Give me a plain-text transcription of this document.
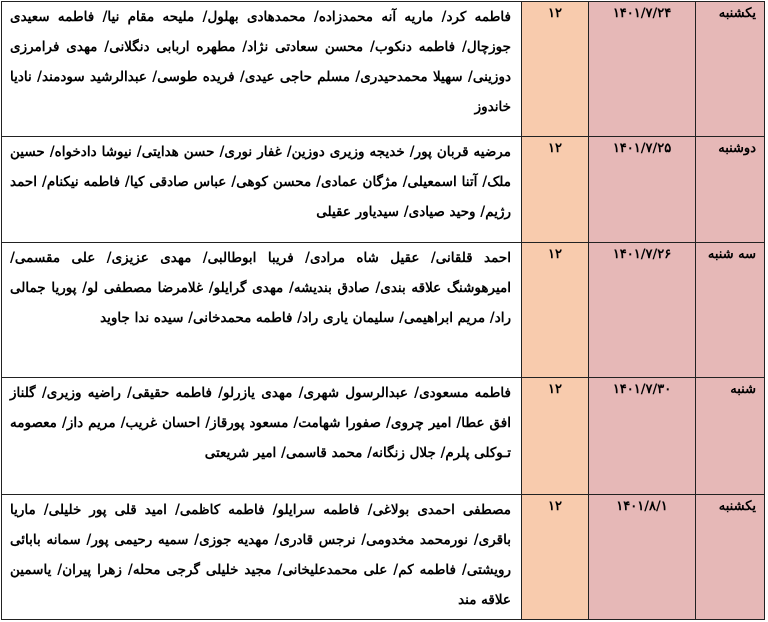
یکشنبه	۱۴۰۱/۷/۲۴	۱۲	فاطمه کرد/ ماریه آنه محمدزاده/ محمدهادی بهلول/ ملیحه مقام نیا/ فاطمه سعیدی جوزچال/ فاطمه دنکوب/ محسن سعادتی نژاد/ مطهره اربابی دنگلانی/ مهدی فرامرزی دوزینی/ سهیلا محمدحیدری/ مسلم حاجی عیدی/ فریده طوسی/ عبدالرشید سودمند/ نادیا خاندوز
دوشنبه	۱۴۰۱/۷/۲۵	۱۲	مرضیه قربان پور/ خدیجه وزیری دوزین/ غفار نوری/ حسن هدایتی/ نیوشا دادخواه/ حسین ملک/ آتنا اسمعیلی/ مژگان عمادی/ محسن کوهی/ عباس صادقی کیا/ فاطمه نیکنام/ احمد رژیم/ وحید صیادی/ سیدیاور عقیلی
سه شنبه	۱۴۰۱/۷/۲۶	۱۲	احمد قلقانی/ عقیل شاه مرادی/ فریبا ابوطالبی/ مهدی عزیزی/ علی مقسمی/ امیرهوشنگ علاقه بندی/ صادق بندیشه/ مهدی گرایلو/ غلامرضا مصطفی لو/ پوریا جمالی راد/ مریم ابراهیمی/ سلیمان یاری راد/ فاطمه محمدخانی/ سیده ندا جاوید
شنبه	۱۴۰۱/۷/۳۰	۱۲	فاطمه مسعودی/ عبدالرسول شهری/ مهدی یازرلو/ فاطمه حقیقی/ راضیه وزیری/ گلناز افق عطا/ امیر چروی/ صفورا شهامت/ مسعود پورقاز/ احسان غریب/ مریم داز/ معصومه تـوکلی پلرم/ جلال زنگانه/ محمد قاسمی/ امیر شریعتی
یکشنبه	۱۴۰۱/۸/۱	۱۲	مصطفی احمدی بولاغی/ فاطمه سرایلو/ فاطمه کاظمی/ امید قلی پور خلیلی/ ماریا باقری/ نورمحمد مخدومی/ نرجس قادری/ مهدیه جوزی/ سمیه رحیمی پور/ سمانه بابائی رویشتی/ فاطمه کم/ علی محمدعلیخانی/ مجید خلیلی گرجی محله/ زهرا پیران/ یاسمین علاقه مند
